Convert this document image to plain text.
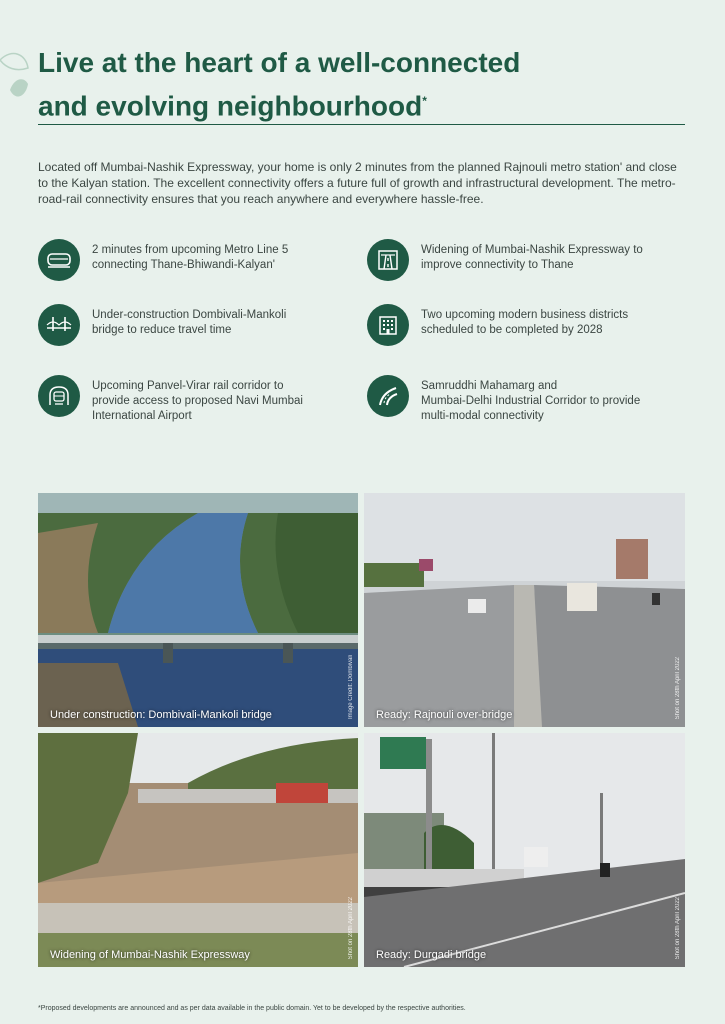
Live at the heart of a well-connected
and evolving neighbourhood*

Located off Mumbai-Nashik Expressway, your home is only 2 minutes from the planned Rajnouli metro station' and close to the Kalyan station. The excellent connectivity offers a future full of growth and infrastructural development. The metro-road-rail connectivity ensures that you reach anywhere and everywhere hassle-free.

2 minutes from upcoming Metro Line 5
connecting Thane-Bhiwandi-Kalyan'
Widening of Mumbai-Nashik Expressway to
improve connectivity to Thane
Under-construction Dombivali-Mankoli
bridge to reduce travel time
Two upcoming modern business districts
scheduled to be completed by 2028
Upcoming Panvel-Virar rail corridor to
provide access to proposed Navi Mumbai
International Airport
Samruddhi Mahamarg and
Mumbai-Delhi Industrial Corridor to provide
multi-modal connectivity
Under construction: Dombivali-Mankoli bridge	Image Credit: Dombivali Ready: Rajnouli over-bridge	Shot on 28th April 2022
Widening of Mumbai-Nashik Expressway	Shot on 28th April 2022 Ready: Durgadi bridge	Shot on 28th April 2022

*Proposed developments are announced and as per data available in the public domain. Yet to be developed by the respective authorities.
